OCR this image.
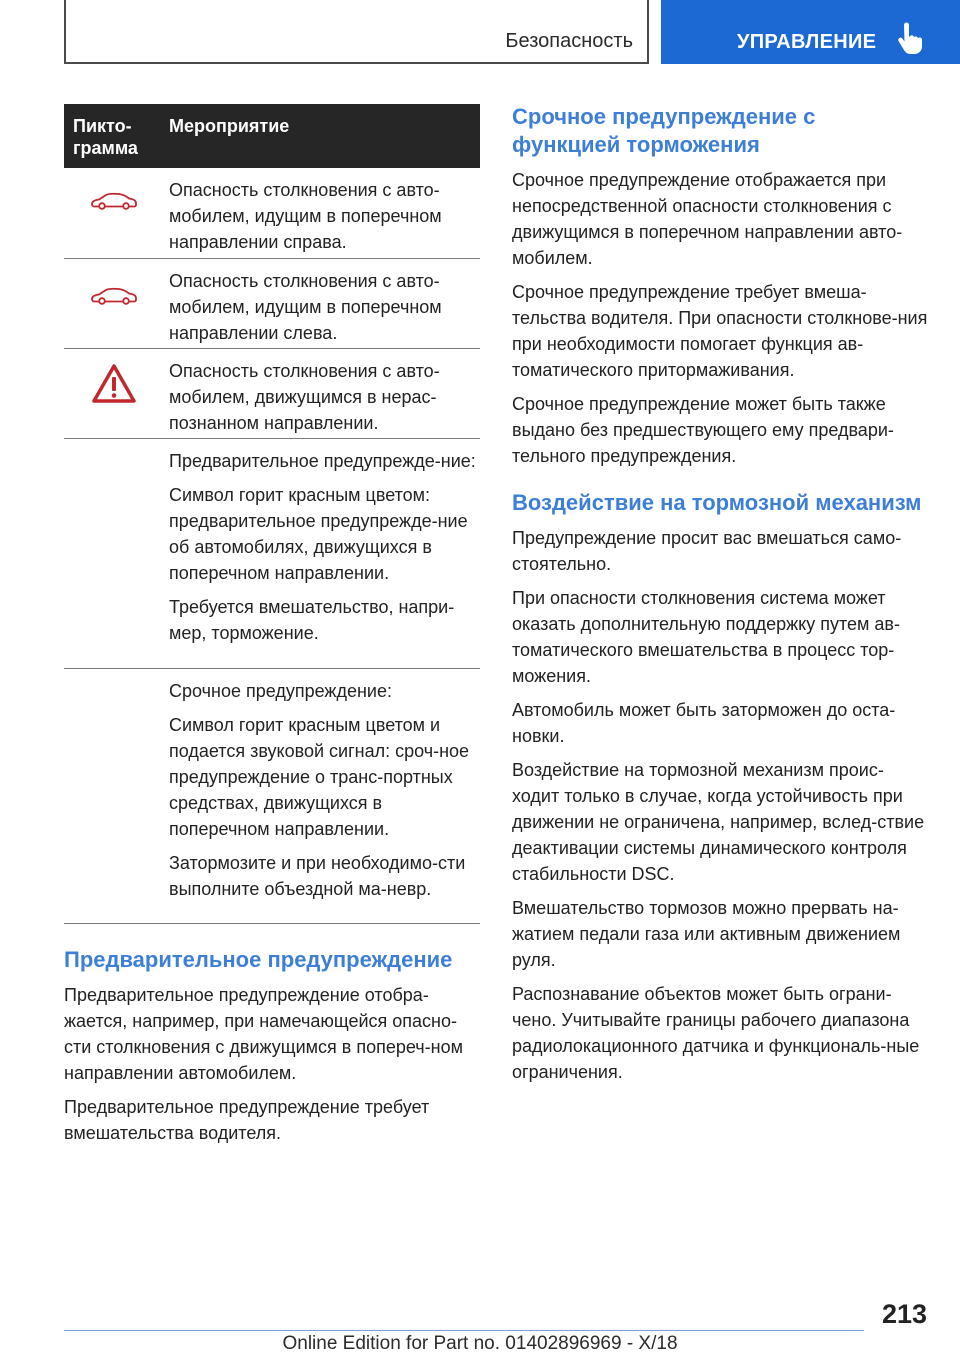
Безопасность	УПРАВЛЕНИЕ
Пикто-
грамма
Мероприятие

Опасность столкновения с авто-мобилем, идущим в поперечном направлении справа.

Опасность столкновения с авто-мобилем, идущим в поперечном направлении слева.

Опасность столкновения с авто-мобилем, движущимся в нерас-познанном направлении.

Предварительное предупрежде-ние:

Символ горит красным цветом: предварительное предупрежде-ние об автомобилях, движущихся в поперечном направлении.

Требуется вмешательство, напри-мер, торможение.

Срочное предупреждение:

Символ горит красным цветом и подается звуковой сигнал: сроч-ное предупреждение о транс-портных средствах, движущихся в поперечном направлении.

Затормозите и при необходимо-сти выполните объездной ма-невр.

Предварительное предупреждение

Предварительное предупреждение отобра-жается, например, при намечающейся опасно-сти столкновения с движущимся в попереч-ном направлении автомобилем.

Предварительное предупреждение требует вмешательства водителя.

Срочное предупреждение с функцией торможения

Срочное предупреждение отображается при непосредственной опасности столкновения с движущимся в поперечном направлении авто-мобилем.

Срочное предупреждение требует вмеша-тельства водителя. При опасности столкнове-ния при необходимости помогает функция ав-томатического притормаживания.

Срочное предупреждение может быть также выдано без предшествующего ему предвари-тельного предупреждения.

Воздействие на тормозной механизм

Предупреждение просит вас вмешаться само-стоятельно.

При опасности столкновения система может оказать дополнительную поддержку путем ав-томатического вмешательства в процесс тор-можения.

Автомобиль может быть заторможен до оста-новки.

Воздействие на тормозной механизм проис-ходит только в случае, когда устойчивость при движении не ограничена, например, вслед-ствие деактивации системы динамического контроля стабильности DSC.

Вмешательство тормозов можно прервать на-жатием педали газа или активным движением руля.

Распознавание объектов может быть ограни-чено. Учитывайте границы рабочего диапазона радиолокационного датчика и функциональ-ные ограничения.

213
Online Edition for Part no. 01402896969 - X/18
